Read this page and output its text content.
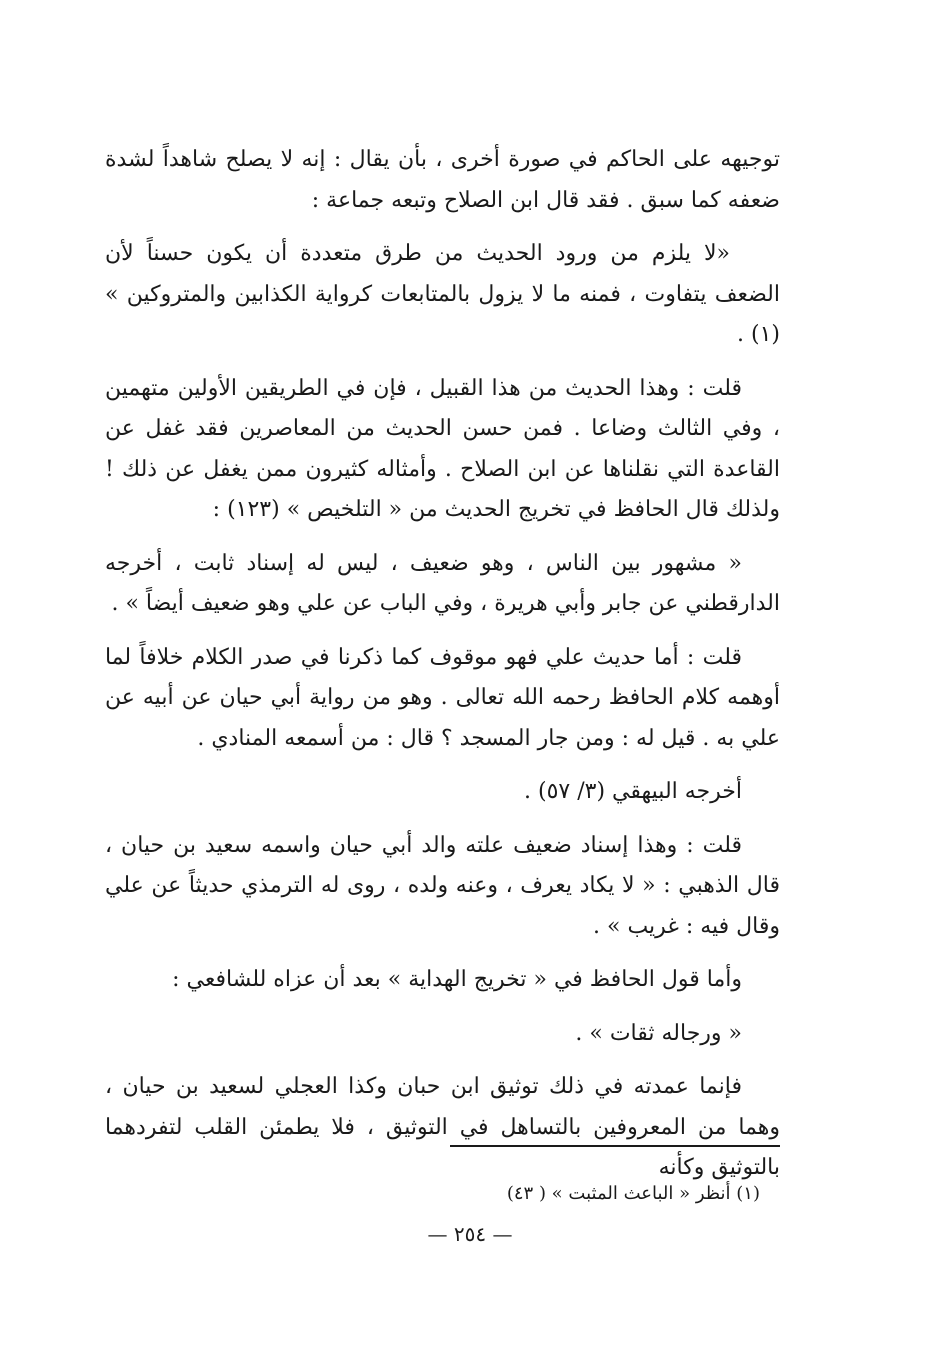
توجيهه على الحاكم في صورة أخرى ، بأن يقال : إنه لا يصلح شاهداً لشدة ضعفه كما سبق . فقد قال ابن الصلاح وتبعه جماعة :

«لا يلزم من ورود الحديث من طرق متعددة أن يكون حسناً لأن الضعف يتفاوت ، فمنه ما لا يزول بالمتابعات كرواية الكذابين والمتروكين » (١) .

قلت : وهذا الحديث من هذا القبيل ، فإن في الطريقين الأولين متهمين ، وفي الثالث وضاعا . فمن حسن الحديث من المعاصرين فقد غفل عن القاعدة التي نقلناها عن ابن الصلاح . وأمثاله كثيرون ممن يغفل عن ذلك ! ولذلك قال الحافظ في تخريج الحديث من « التلخيص » (١٢٣) :

« مشهور بين الناس ، وهو ضعيف ، ليس له إسناد ثابت ، أخرجه الدارقطني عن جابر وأبي هريرة ، وفي الباب عن علي وهو ضعيف أيضاً » .

قلت : أما حديث علي فهو موقوف كما ذكرنا في صدر الكلام خلافاً لما أوهمه كلام الحافظ رحمه الله تعالى . وهو من رواية أبي حيان عن أبيه عن علي به . قيل له : ومن جار المسجد ؟ قال : من أسمعه المنادي .

أخرجه البيهقي (٣/ ٥٧) .

قلت : وهذا إسناد ضعيف علته والد أبي حيان واسمه سعيد بن حيان ، قال الذهبي : « لا يكاد يعرف ، وعنه ولده ، روى له الترمذي حديثاً عن علي وقال فيه : غريب » .

وأما قول الحافظ في « تخريج الهداية » بعد أن عزاه للشافعي :

« ورجاله ثقات » .

فإنما عمدته في ذلك توثيق ابن حبان وكذا العجلي لسعيد بن حيان ، وهما من المعروفين بالتساهل في التوثيق ، فلا يطمئن القلب لتفردهما بالتوثيق وكأنه

(١) أنظر « الباعث المثبت » ( ٤٣)
— ٢٥٤ —
